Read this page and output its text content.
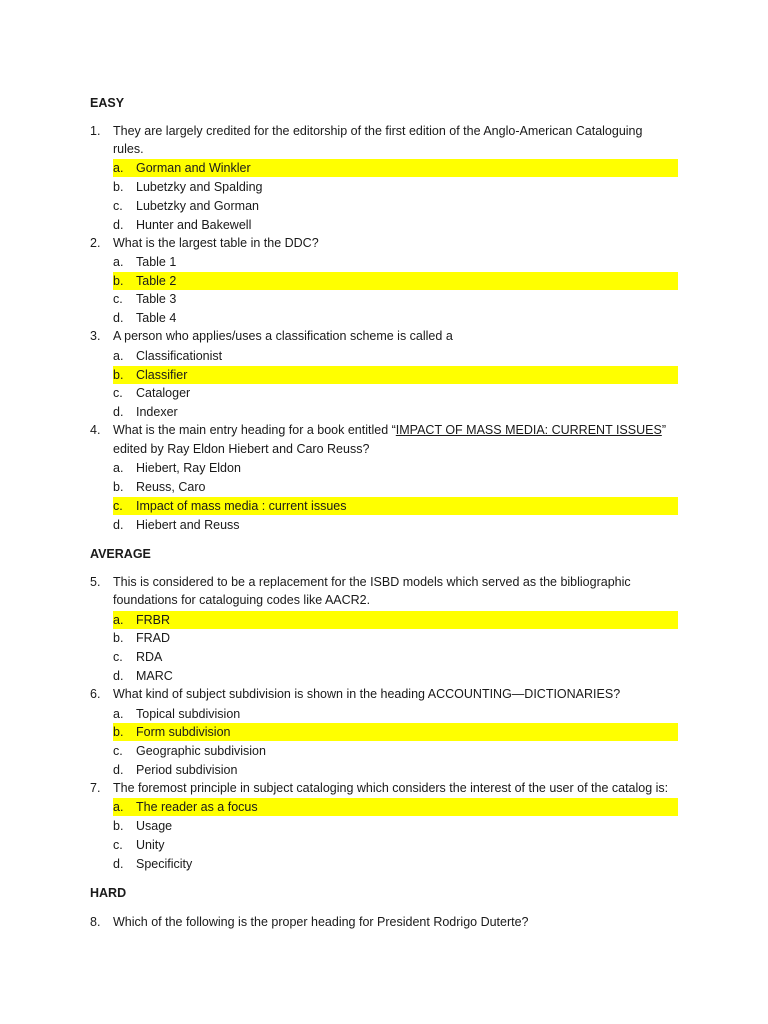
EASY

1. They are largely credited for the editorship of the first edition of the Anglo-American Cataloguing
rules.
a. Gorman and Winkler
b. Lubetzky and Spalding
c. Lubetzky and Gorman
d. Hunter and Bakewell
2. What is the largest table in the DDC?
a. Table 1
b. Table 2
c. Table 3
d. Table 4
3. A person who applies/uses a classification scheme is called a
a. Classificationist
b. Classifier
c. Cataloger
d. Indexer
4. What is the main entry heading for a book entitled “IMPACT OF MASS MEDIA: CURRENT ISSUES”
edited by Ray Eldon Hiebert and Caro Reuss?
a. Hiebert, Ray Eldon
b. Reuss, Caro
c. Impact of mass media : current issues
d. Hiebert and Reuss

AVERAGE

5. This is considered to be a replacement for the ISBD models which served as the bibliographic
foundations for cataloguing codes like AACR2.
a. FRBR
b. FRAD
c. RDA
d. MARC
6. What kind of subject subdivision is shown in the heading ACCOUNTING—DICTIONARIES?
a. Topical subdivision
b. Form subdivision
c. Geographic subdivision
d. Period subdivision
7. The foremost principle in subject cataloging which considers the interest of the user of the catalog is:
a. The reader as a focus
b. Usage
c. Unity
d. Specificity

HARD

8. Which of the following is the proper heading for President Rodrigo Duterte?
